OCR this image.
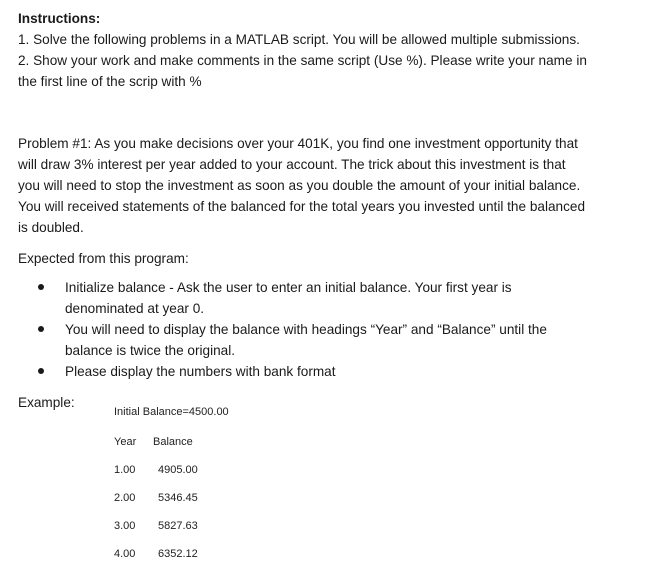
Instructions:
1. Solve the following problems in a MATLAB script. You will be allowed multiple submissions.
2. Show your work and make comments in the same script (Use %). Please write your name in
the first line of the scrip with %
Problem #1: As you make decisions over your 401K, you find one investment opportunity that
will draw 3% interest per year added to your account. The trick about this investment is that
you will need to stop the investment as soon as you double the amount of your initial balance.
You will received statements of the balanced for the total years you invested until the balanced
is doubled.
Expected from this program:
Initialize balance - Ask the user to enter an initial balance. Your first year is
denominated at year 0.
You will need to display the balance with headings “Year” and “Balance” until the
balance is twice the original.
Please display the numbers with bank format
Example:
Initial Balance=4500.00
Year Balance
1.00 4905.00
2.00 5346.45
3.00 5827.63
4.00 6352.12
